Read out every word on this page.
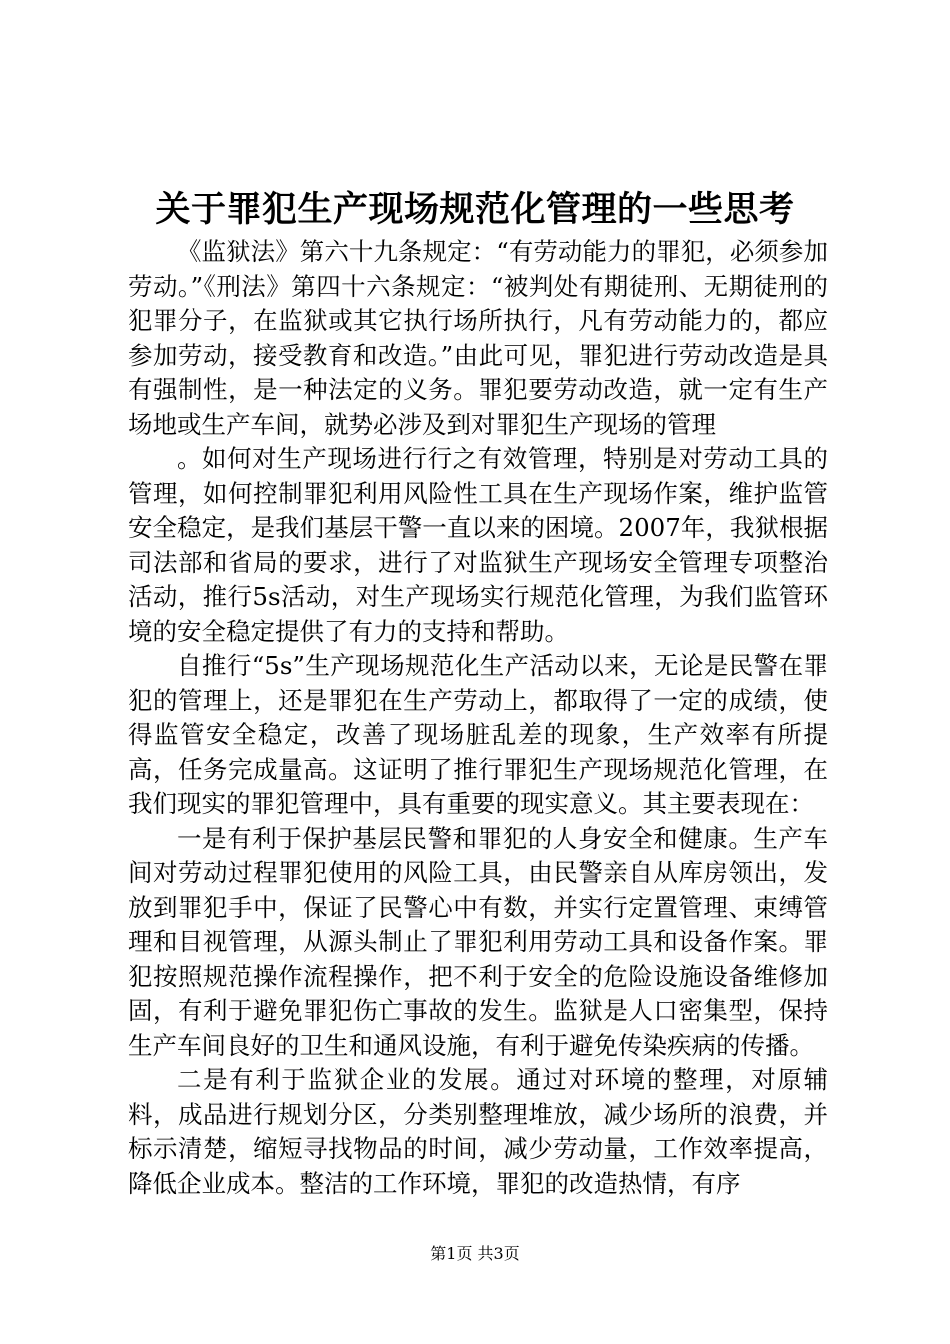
关于罪犯生产现场规范化管理的一些思考

《监狱法》第六十九条规定：“有劳动能力的罪犯，必须参加劳动。”《刑法》第四十六条规定：“被判处有期徒刑、无期徒刑的犯罪分子，在监狱或其它执行场所执行，凡有劳动能力的，都应参加劳动，接受教育和改造。”由此可见，罪犯进行劳动改造是具有强制性，是一种法定的义务。罪犯要劳动改造，就一定有生产场地或生产车间，就势必涉及到对罪犯生产现场的管理

。如何对生产现场进行行之有效管理，特别是对劳动工具的管理，如何控制罪犯利用风险性工具在生产现场作案，维护监管安全稳定，是我们基层干警一直以来的困境。2007年，我狱根据司法部和省局的要求，进行了对监狱生产现场安全管理专项整治活动，推行5s活动，对生产现场实行规范化管理，为我们监管环境的安全稳定提供了有力的支持和帮助。

自推行“5s”生产现场规范化生产活动以来，无论是民警在罪犯的管理上，还是罪犯在生产劳动上，都取得了一定的成绩，使得监管安全稳定，改善了现场脏乱差的现象，生产效率有所提高，任务完成量高。这证明了推行罪犯生产现场规范化管理，在我们现实的罪犯管理中，具有重要的现实意义。其主要表现在：

一是有利于保护基层民警和罪犯的人身安全和健康。生产车间对劳动过程罪犯使用的风险工具，由民警亲自从库房领出，发放到罪犯手中，保证了民警心中有数，并实行定置管理、束缚管理和目视管理，从源头制止了罪犯利用劳动工具和设备作案。罪犯按照规范操作流程操作，把不利于安全的危险设施设备维修加固，有利于避免罪犯伤亡事故的发生。监狱是人口密集型，保持生产车间良好的卫生和通风设施，有利于避免传染疾病的传播。

二是有利于监狱企业的发展。通过对环境的整理，对原辅料，成品进行规划分区，分类别整理堆放，减少场所的浪费，并标示清楚，缩短寻找物品的时间，减少劳动量，工作效率提高，降低企业成本。整洁的工作环境，罪犯的改造热情，有序

第1页 共3页
